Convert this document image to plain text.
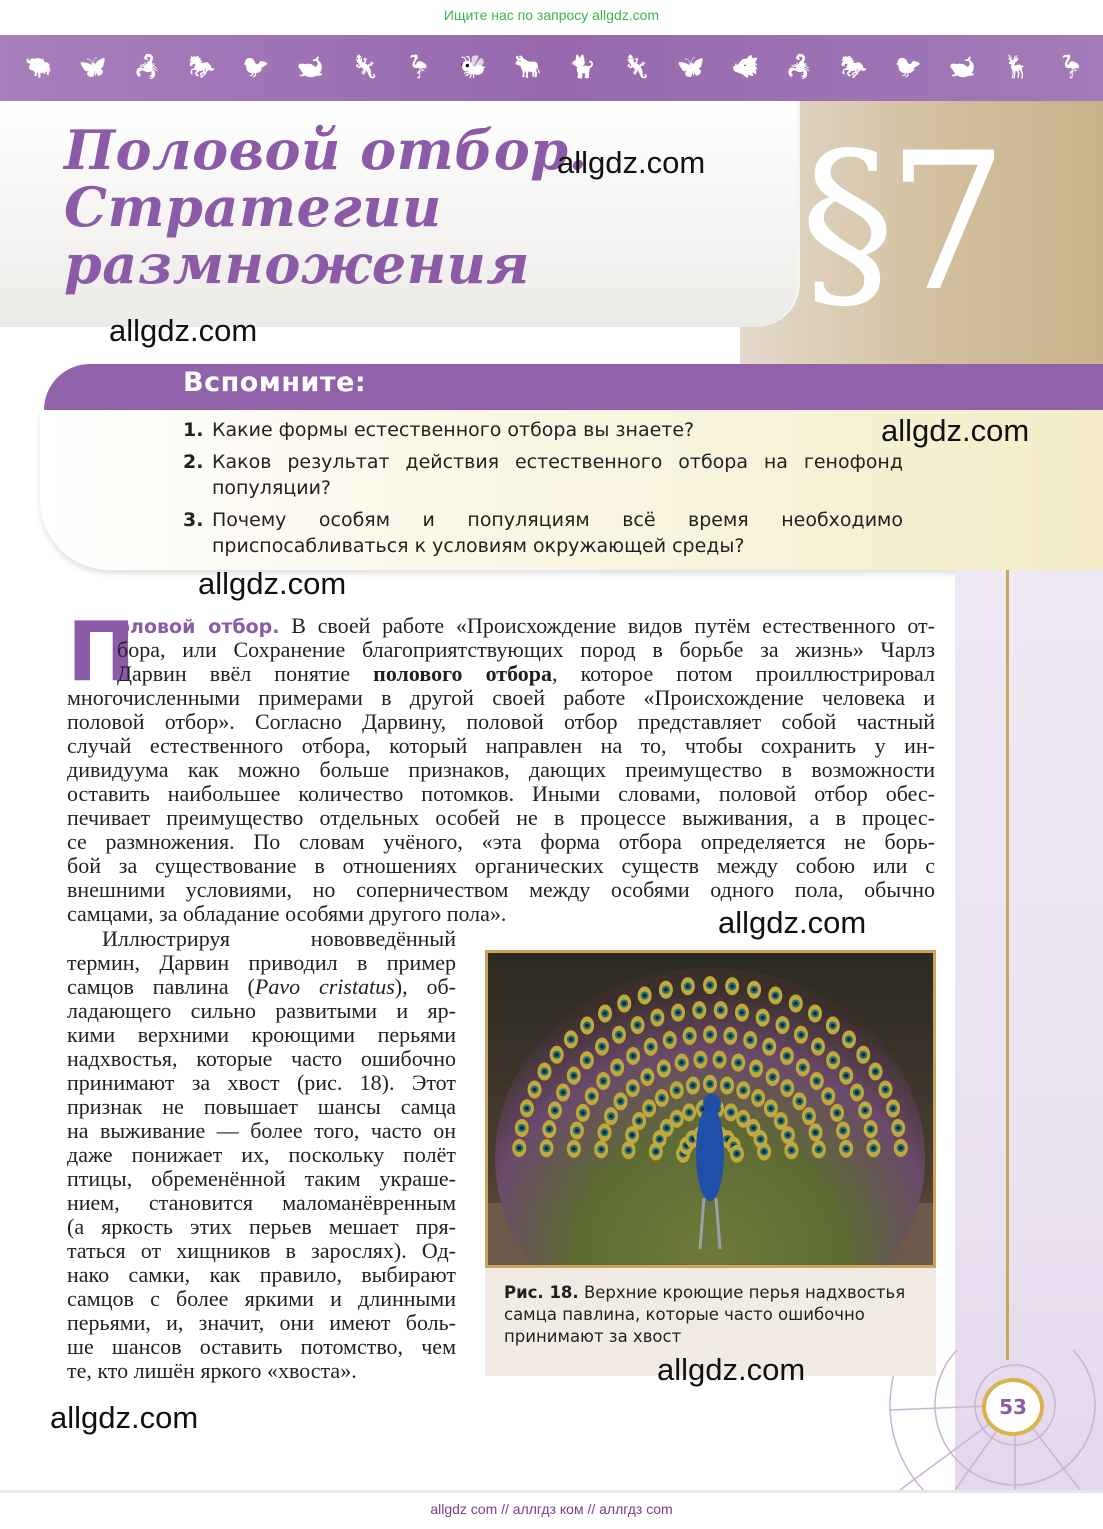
Ищите нас по запросу allgdz.com
🐃 🦋 🦂 🐎 🐦 🐋 🦎 🦩 🐝 🐂 🐈 🦎 🦋 🐗 🦂 🐎 🐦 🐋 🦌 🦩
Половой отбор.
Стратегии
размножения	§7
allgdz.com
allgdz.com
Вспомните:
1. Какие формы естественного отбора вы знаете?
2. Каков результат действия естественного отбора на генофонд популяции?
3. Почему особям и популяциям всё время необходимо приспосабливаться к условиям окружающей среды?
allgdz.com
allgdz.com
П
оловой отбор. В своей работе «Происхождение видов путём естественного от-
бора, или Сохранение благоприятствующих пород в борьбе за жизнь» Чарлз
Дарвин ввёл понятие полового отбора, которое потом проиллюстрировал
многочисленными примерами в другой своей работе «Происхождение человека и
половой отбор». Согласно Дарвину, половой отбор представляет собой частный
случай естественного отбора, который направлен на то, чтобы сохранить у ин-
дивидуума как можно больше признаков, дающих преимущество в возможности
оставить наибольшее количество потомков. Иными словами, половой отбор обес-
печивает преимущество отдельных особей не в процессе выживания, а в процес-
се размножения. По словам учёного, «эта форма отбора определяется не борь-
бой за существование в отношениях органических существ между собою или с
внешними условиями, но соперничеством между особями одного пола, обычно
самцами, за обладание особями другого пола».	allgdz.com
Иллюстрируя нововведённый
термин, Дарвин приводил в пример
самцов павлина (Pavo cristatus), об-
ладающего сильно развитыми и яр-
кими верхними кроющими перьями
надхвостья, которые часто ошибочно
принимают за хвост (рис. 18). Этот
признак не повышает шансы самца
на выживание — более того, часто он
даже понижает их, поскольку полёт
птицы, обременённой таким украше-
нием, становится маломанёвренным
(а яркость этих перьев мешает пря-
таться от хищников в зарослях). Од-
нако самки, как правило, выбирают
самцов с более яркими и длинными
перьями, и, значит, они имеют боль-
ше шансов оставить потомство, чем
те, кто лишён яркого «хвоста».
Рис. 18. Верхние кроющие перья надхвостья самца павлина, которые часто ошибочно принимают за хвост
allgdz.com
allgdz.com	53
allgdz com // аллгдз ком // аллгдз com
